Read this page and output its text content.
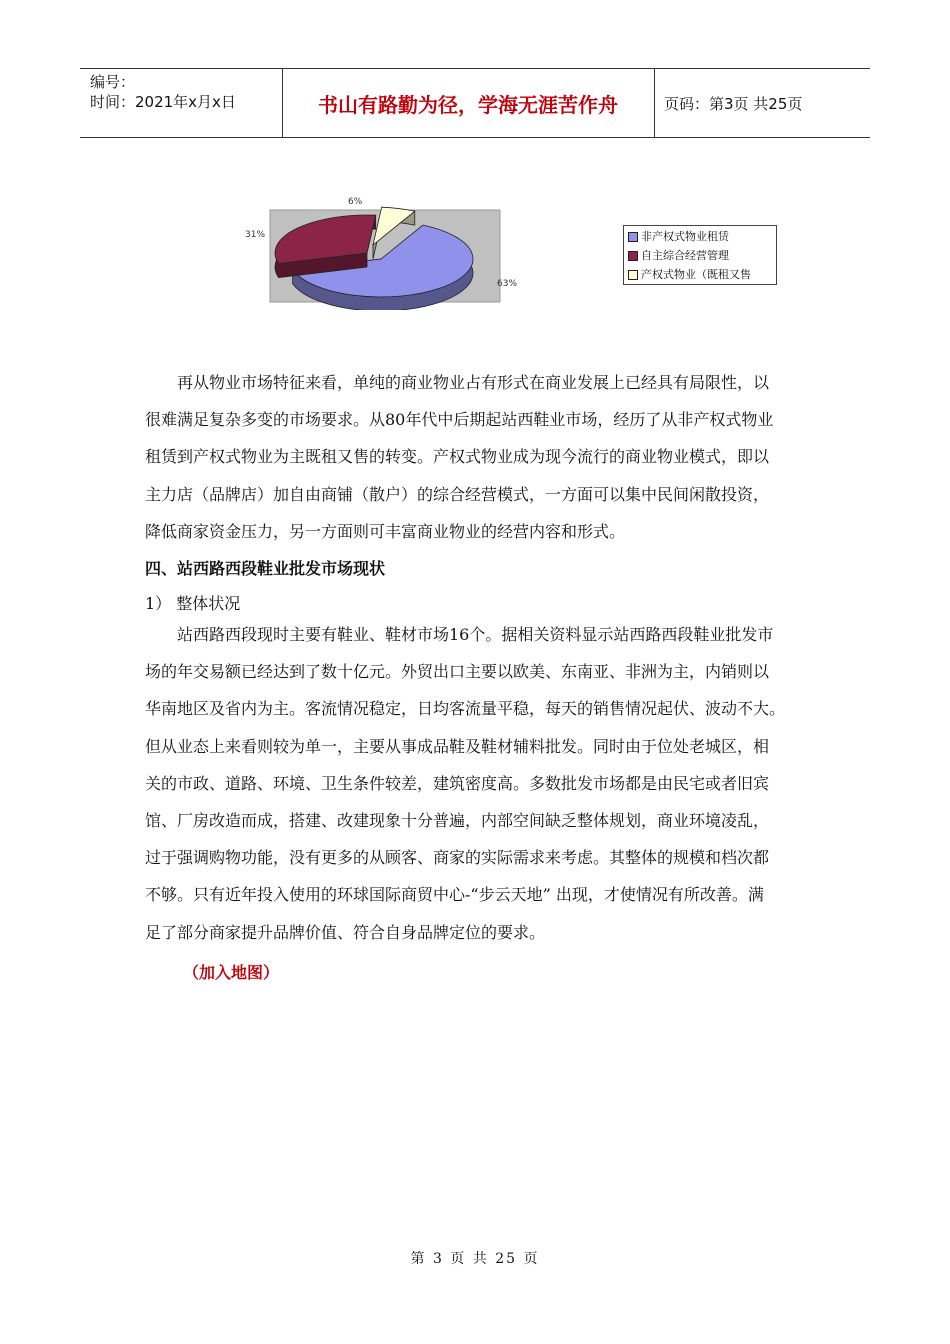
编号：
时间：2021年x月x日	书山有路勤为径，学海无涯苦作舟	页码：第3页 共25页
6%
31%
63%
非产权式物业租赁
自主综合经营管理
产权式物业（既租又售
再从物业市场特征来看，单纯的商业物业占有形式在商业发展上已经具有局限性，以
很难满足复杂多变的市场要求。从80年代中后期起站西鞋业市场，经历了从非产权式物业
租赁到产权式物业为主既租又售的转变。产权式物业成为现今流行的商业物业模式，即以
主力店（品牌店）加自由商铺（散户）的综合经营模式，一方面可以集中民间闲散投资，
降低商家资金压力，另一方面则可丰富商业物业的经营内容和形式。
四、站西路西段鞋业批发市场现状
1） 整体状况
站西路西段现时主要有鞋业、鞋材市场16个。据相关资料显示站西路西段鞋业批发市
场的年交易额已经达到了数十亿元。外贸出口主要以欧美、东南亚、非洲为主，内销则以
华南地区及省内为主。客流情况稳定，日均客流量平稳，每天的销售情况起伏、波动不大。
但从业态上来看则较为单一，主要从事成品鞋及鞋材辅料批发。同时由于位处老城区，相
关的市政、道路、环境、卫生条件较差，建筑密度高。多数批发市场都是由民宅或者旧宾
馆、厂房改造而成，搭建、改建现象十分普遍，内部空间缺乏整体规划，商业环境凌乱，
过于强调购物功能，没有更多的从顾客、商家的实际需求来考虑。其整体的规模和档次都
不够。只有近年投入使用的环球国际商贸中心-“步云天地” 出现，才使情况有所改善。满
足了部分商家提升品牌价值、符合自身品牌定位的要求。
（加入地图）
第 3 页 共 25 页
